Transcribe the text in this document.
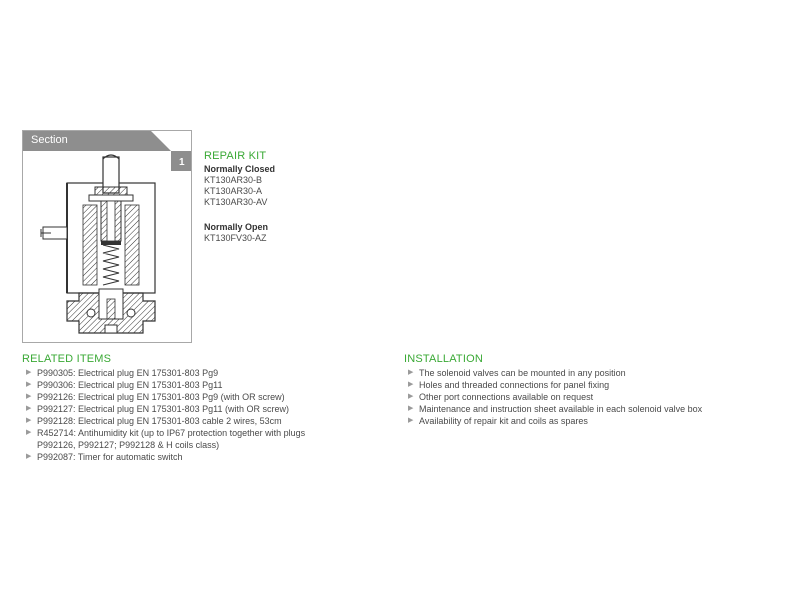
Section
1
REPAIR KIT
Normally Closed
KT130AR30-B
KT130AR30-A
KT130AR30-AV
Normally Open
KT130FV30-AZ
RELATED ITEMS
▶ P990305: Electrical plug EN 175301-803 Pg9
▶ P990306: Electrical plug EN 175301-803 Pg11
▶ P992126: Electrical plug EN 175301-803 Pg9 (with OR screw)
▶ P992127: Electrical plug EN 175301-803 Pg11 (with OR screw)
▶ P992128: Electrical plug EN 175301-803 cable 2 wires, 53cm
▶ R452714: Antihumidity kit (up to IP67 protection together with plugs P992126, P992127; P992128 & H coils class)
▶ P992087: Timer for automatic switch
INSTALLATION
▶ The solenoid valves can be mounted in any position
▶ Holes and threaded connections for panel fixing
▶ Other port connections available on request
▶ Maintenance and instruction sheet available in each solenoid valve box
▶ Availability of repair kit and coils as spares
